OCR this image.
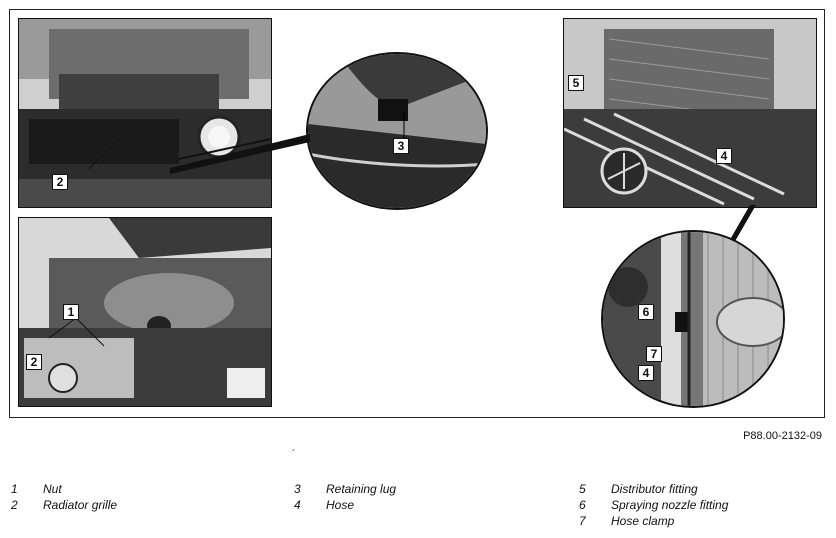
2
1
2
3
5
4
6
7
4
P88.00-2132-09
´
1 Nut
2 Radiator grille
3 Retaining lug
4 Hose
5 Distributor fitting
6 Spraying nozzle fitting
7 Hose clamp
